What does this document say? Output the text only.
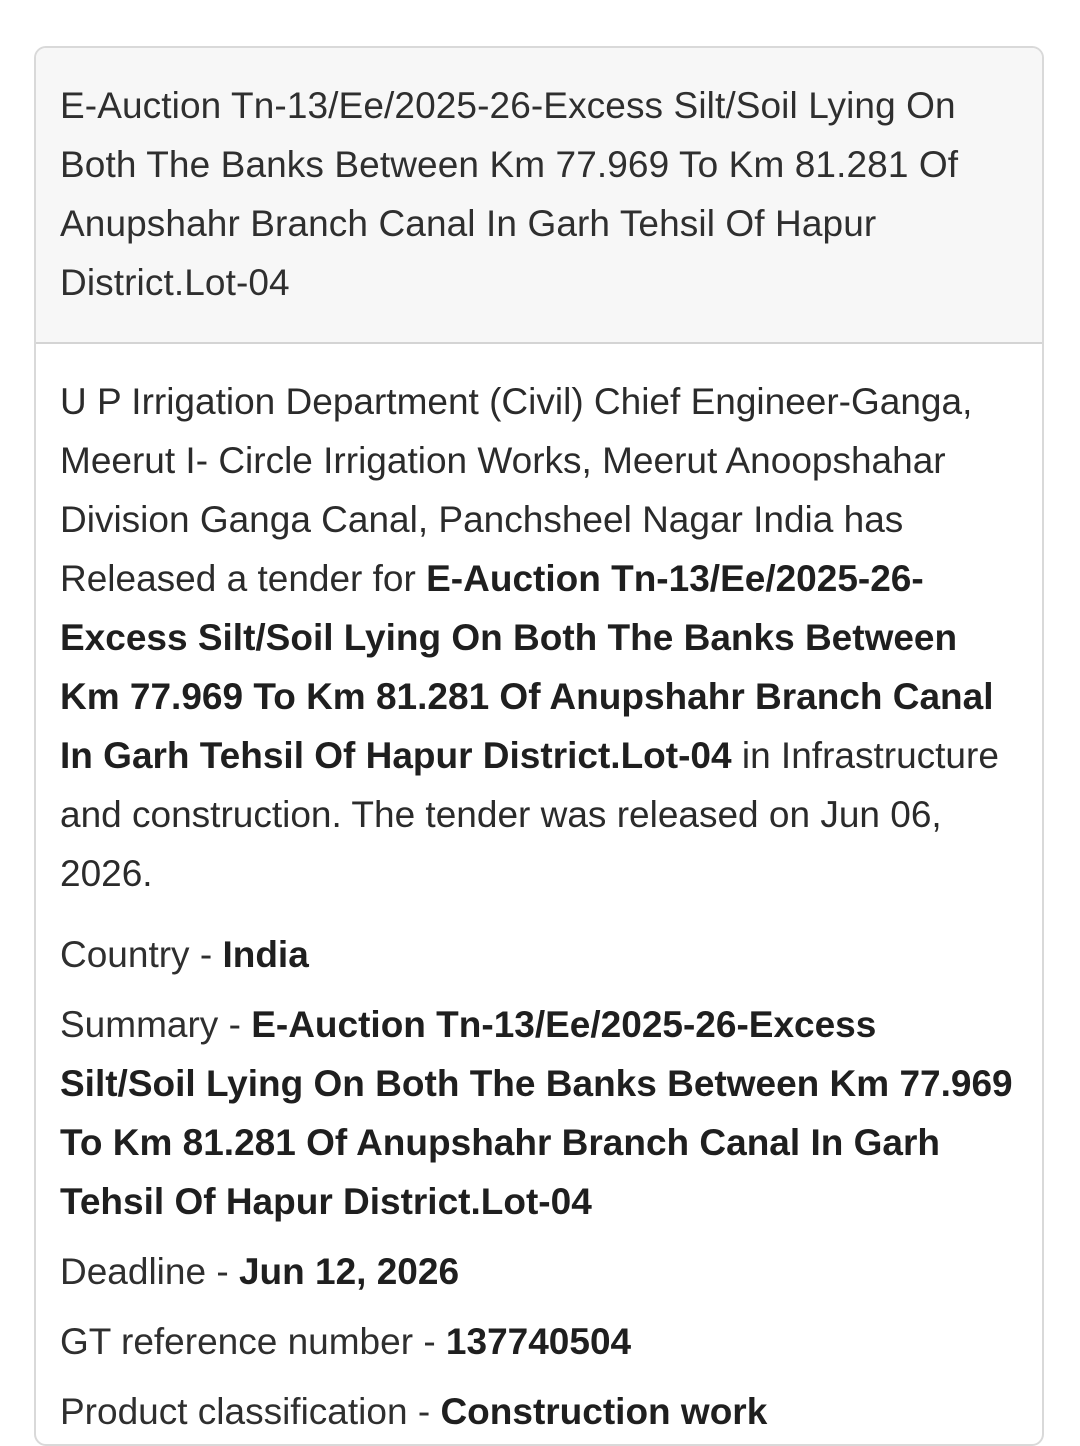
E-Auction Tn-13/Ee/2025-26-Excess Silt/Soil Lying On Both The Banks Between Km 77.969 To Km 81.281 Of Anupshahr Branch Canal In Garh Tehsil Of Hapur District.Lot-04

U P Irrigation Department (Civil) Chief Engineer-Ganga, Meerut I- Circle Irrigation Works, Meerut Anoopshahar Division Ganga Canal, Panchsheel Nagar India has Released a tender for E-Auction Tn-13/Ee/2025-26-Excess Silt/Soil Lying On Both The Banks Between Km 77.969 To Km 81.281 Of Anupshahr Branch Canal In Garh Tehsil Of Hapur District.Lot-04 in Infrastructure and construction. The tender was released on Jun 06, 2026.

Country - India

Summary - E-Auction Tn-13/Ee/2025-26-Excess Silt/Soil Lying On Both The Banks Between Km 77.969 To Km 81.281 Of Anupshahr Branch Canal In Garh Tehsil Of Hapur District.Lot-04

Deadline - Jun 12, 2026

GT reference number - 137740504

Product classification - Construction work
